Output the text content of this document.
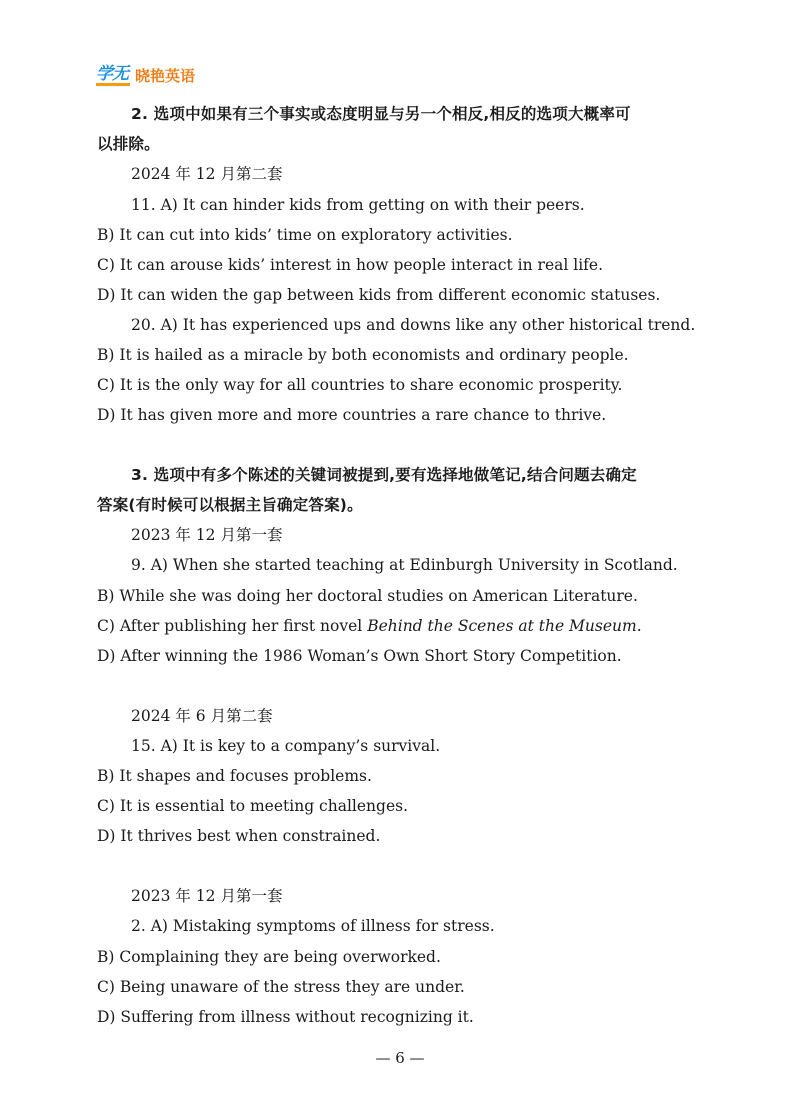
学无 晓艳英语
2. 选项中如果有三个事实或态度明显与另一个相反,相反的选项大概率可
以排除。
2024 年 12 月第二套
11. A) It can hinder kids from getting on with their peers.
B) It can cut into kids’ time on exploratory activities.
C) It can arouse kids’ interest in how people interact in real life.
D) It can widen the gap between kids from different economic statuses.
20. A) It has experienced ups and downs like any other historical trend.
B) It is hailed as a miracle by both economists and ordinary people.
C) It is the only way for all countries to share economic prosperity.
D) It has given more and more countries a rare chance to thrive.
3. 选项中有多个陈述的关键词被提到,要有选择地做笔记,结合问题去确定
答案(有时候可以根据主旨确定答案)。
2023 年 12 月第一套
9. A) When she started teaching at Edinburgh University in Scotland.
B) While she was doing her doctoral studies on American Literature.
C) After publishing her first novel Behind the Scenes at the Museum.
D) After winning the 1986 Woman’s Own Short Story Competition.
2024 年 6 月第二套
15. A) It is key to a company’s survival.
B) It shapes and focuses problems.
C) It is essential to meeting challenges.
D) It thrives best when constrained.
2023 年 12 月第一套
2. A) Mistaking symptoms of illness for stress.
B) Complaining they are being overworked.
C) Being unaware of the stress they are under.
D) Suffering from illness without recognizing it.
— 6 —
